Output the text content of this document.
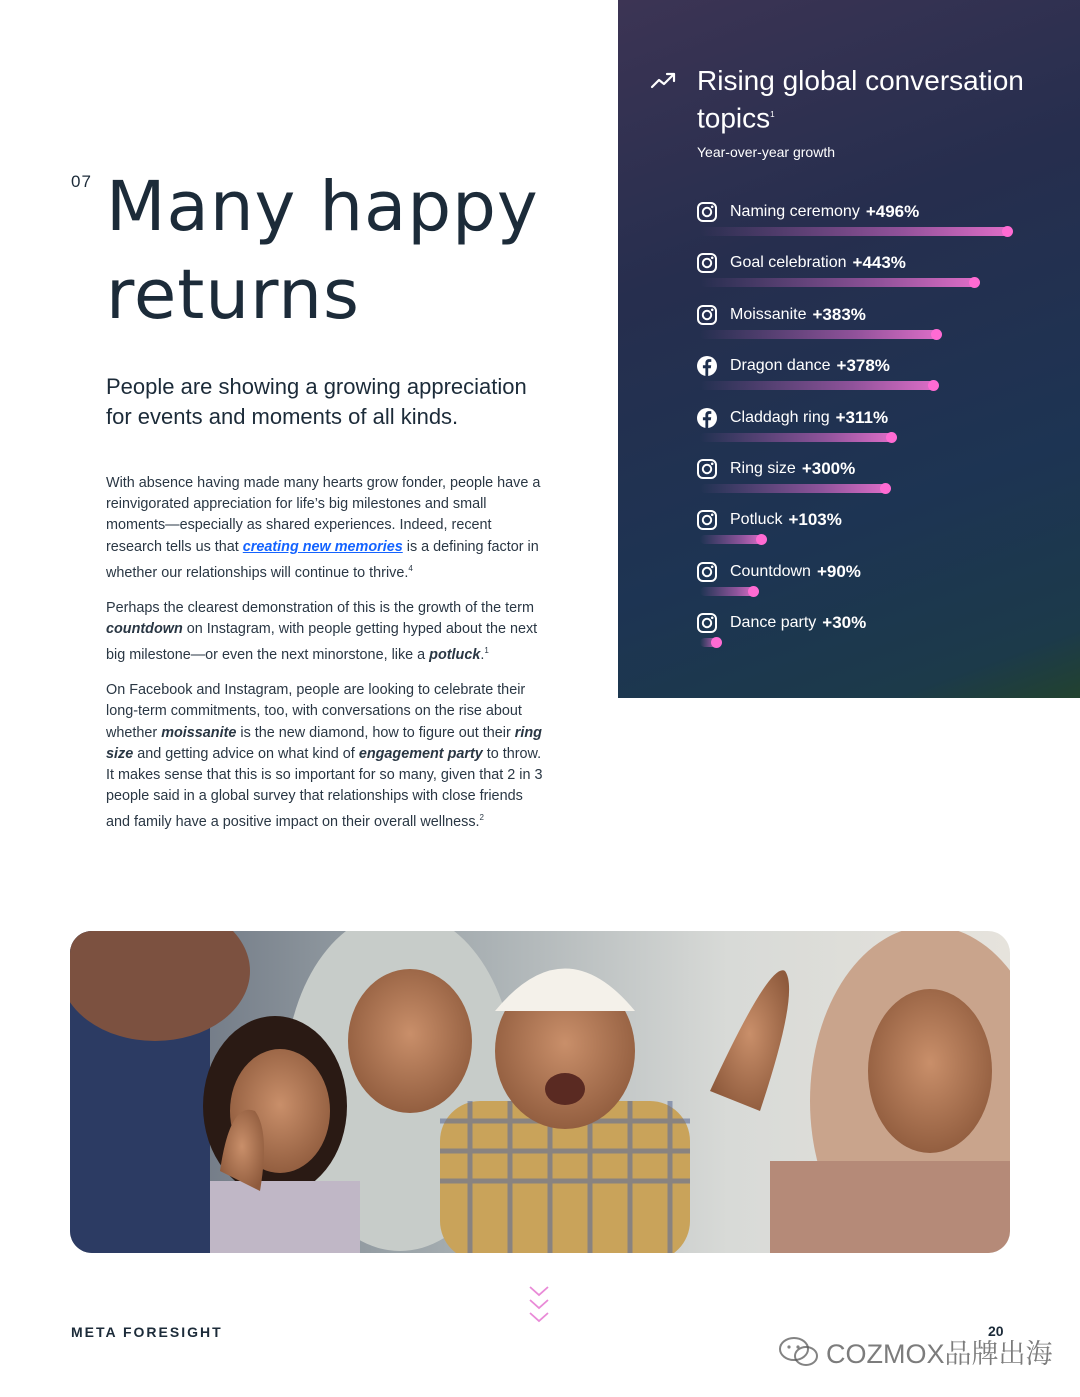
07 Many happy
returns

People are showing a growing appreciation for events and moments of all kinds.

With absence having made many hearts grow fonder, people have a reinvigorated appreciation for life’s big milestones and small moments—especially as shared experiences. Indeed, recent research tells us that creating new memories is a defining factor in whether our relationships will continue to thrive.$^4$

Perhaps the clearest demonstration of this is the growth of the term countdown on Instagram, with people getting hyped about the next big milestone—or even the next minorstone, like a potluck.$^1$

On Facebook and Instagram, people are looking to celebrate their long-term commitments, too, with conversations on the rise about whether moissanite is the new diamond, how to figure out their ring size and getting advice on what kind of engagement party to throw. It makes sense that this is so important for so many, given that 2 in 3 people said in a global survey that relationships with close friends and family have a positive impact on their overall wellness.$^2$

Rising global conversation topics$^1$
Year-over-year growth
Naming ceremony +496%
Goal celebration +443%
Moissanite +383%
Dragon dance +378%
Claddagh ring +311%
Ring size +300%
Potluck +103%
Countdown +90%
Dance party +30%
META FORESIGHT	20
COZMOX品牌出海
